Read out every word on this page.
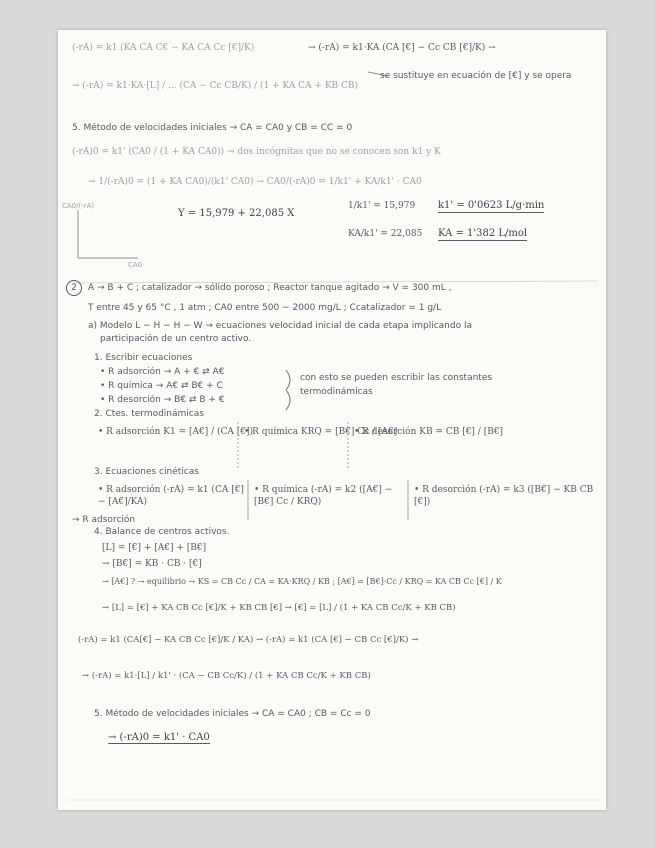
(-rA) = k1 (KA CA C€ − KA CA Cc [€]/K)	→ (-rA) = k1·KA (CA [€] − Cc CB [€]/K) →
→ (-rA) = k1·KA·[L] / ... (CA − Cc CB/K) / (1 + KA CA + KB CB)
se sustituye en ecuación de [€] y se opera
5. Método de velocidades iniciales → CA = CA0 y CB = CC = 0
(-rA)0 = k1' (CA0 / (1 + KA CA0)) → dos incógnitas que no se conocen son k1 y K
→ 1/(-rA)0 = (1 + KA CA0)/(k1' CA0) → CA0/(-rA)0 = 1/k1' + KA/k1' · CA0
CA0/(-rA)
CA0
Y = 15,979 + 22,085 X
1/k1' = 15,979 k1' = 0'0623 L/g·min
KA/k1' = 22,085 KA = 1'382 L/mol
2	A → B + C ; catalizador → sólido poroso ; Reactor tanque agitado → V = 300 mL ,
T entre 45 y 65 °C , 1 atm ; CA0 entre 500 − 2000 mg/L ; Ccatalizador = 1 g/L
a) Modelo L − H − H − W → ecuaciones velocidad inicial de cada etapa implicando la
participación de un centro activo.
1. Escribir ecuaciones
• R adsorción → A + € ⇄ A€
• R química → A€ ⇄ B€ + C
• R desorción → B€ ⇄ B + €
con esto se pueden escribir las constantes
termodinámicas
2. Ctes. termodinámicas
• R adsorción K1 = [A€] / (CA [€])
• R química KRQ = [B€] Cc / [A€]
• R desorción KB = CB [€] / [B€]
3. Ecuaciones cinéticas
• R adsorción (-rA) = k1 (CA [€] − [A€]/KA)
• R química (-rA) = k2 ([A€] − [B€] Cc / KRQ)
• R desorción (-rA) = k3 ([B€] − KB CB [€])
→ R adsorción
4. Balance de centros activos.
[L] = [€] + [A€] + [B€]
→ [B€] = KB · CB · [€]
→ [A€] ? → equilibrio → KS = CB Cc / CA = KA·KRQ / KB ; [A€] = [B€]·Cc / KRQ = KA CB Cc [€] / K
→ [L] = [€] + KA CB Cc [€]/K + KB CB [€] → [€] = [L] / (1 + KA CB Cc/K + KB CB)
(-rA) = k1 (CA[€] − KA CB Cc [€]/K / KA) → (-rA) = k1 (CA [€] − CB Cc [€]/K) →
→ (-rA) = k1·[L] / k1' · (CA − CB Cc/K) / (1 + KA CB Cc/K + KB CB)
5. Método de velocidades iniciales → CA = CA0 ; CB = Cc = 0
→ (-rA)0 = k1' · CA0
